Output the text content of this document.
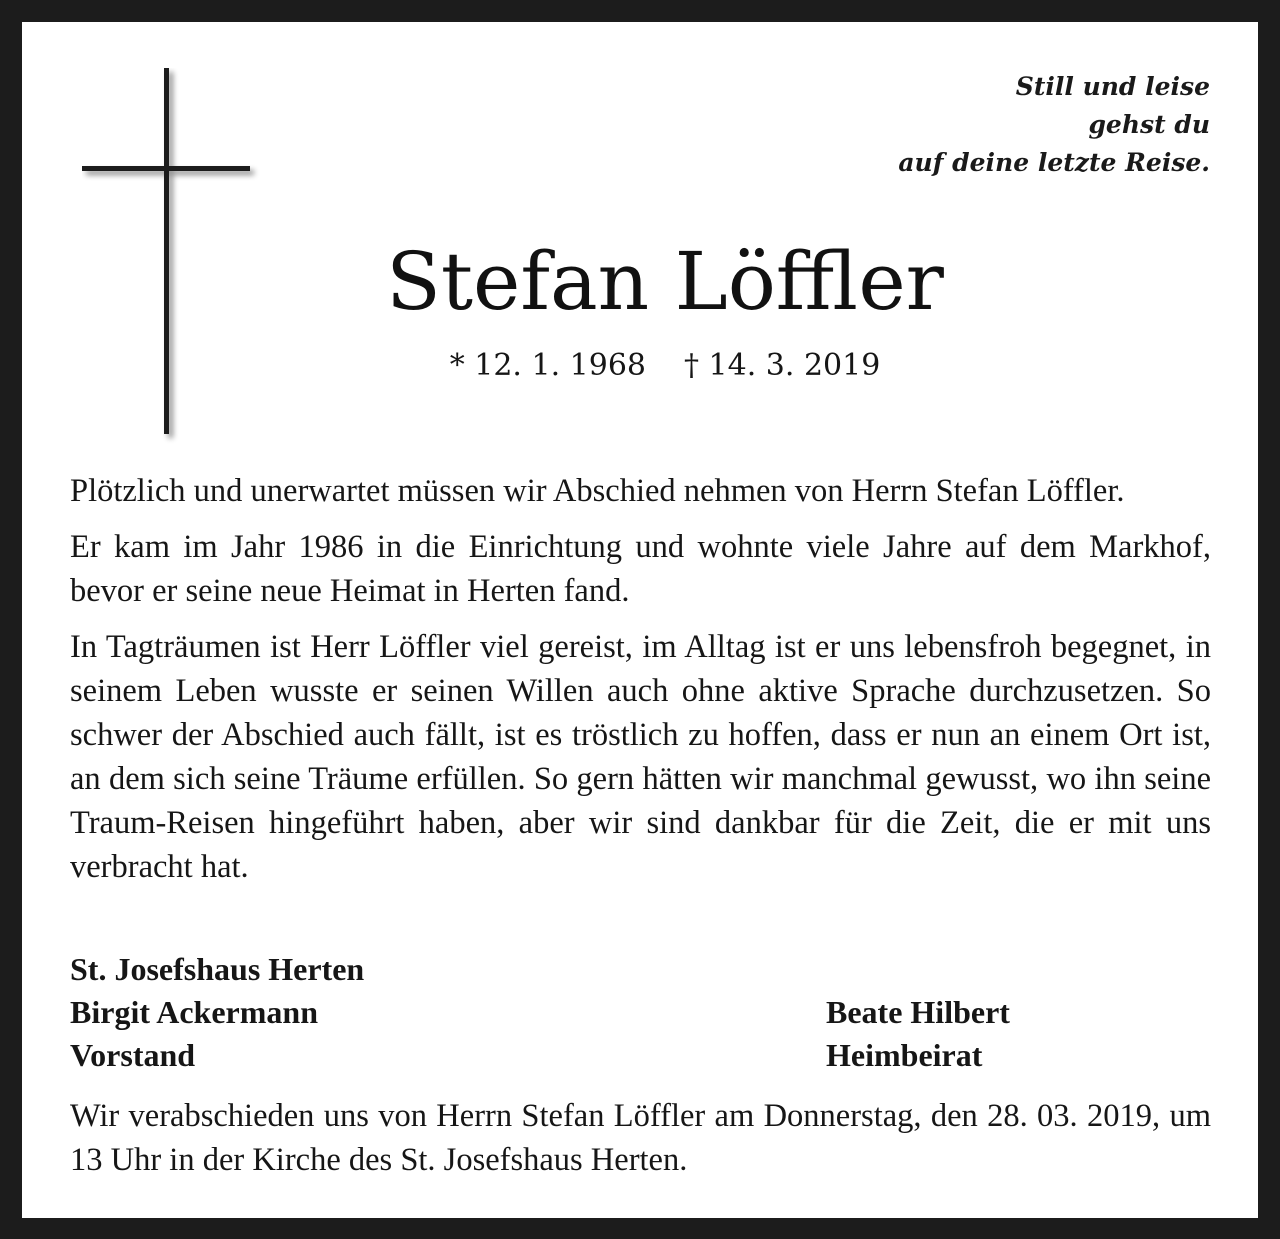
Still und leise
gehst du
auf deine letzte Reise.
Stefan Löffler
* 12. 1. 1968 † 14. 3. 2019

Plötzlich und unerwartet müssen wir Abschied nehmen von Herrn Stefan Löffler.

Er kam im Jahr 1986 in die Einrichtung und wohnte viele Jahre auf dem Markhof, bevor er seine neue Heimat in Herten fand.

In Tagträumen ist Herr Löffler viel gereist, im Alltag ist er uns lebensfroh begegnet, in seinem Leben wusste er seinen Willen auch ohne aktive Sprache durchzusetzen. So schwer der Abschied auch fällt, ist es tröstlich zu hoffen, dass er nun an einem Ort ist, an dem sich seine Träume erfüllen. So gern hätten wir manchmal gewusst, wo ihn seine Traum-Reisen hingeführt haben, aber wir sind dankbar für die Zeit, die er mit uns verbracht hat.

St. Josefshaus Herten
Birgit Ackermann	Beate Hilbert
Vorstand	Heimbeirat
Wir verabschieden uns von Herrn Stefan Löffler am Donnerstag, den 28. 03. 2019, um 13 Uhr in der Kirche des St. Josefshaus Herten.
